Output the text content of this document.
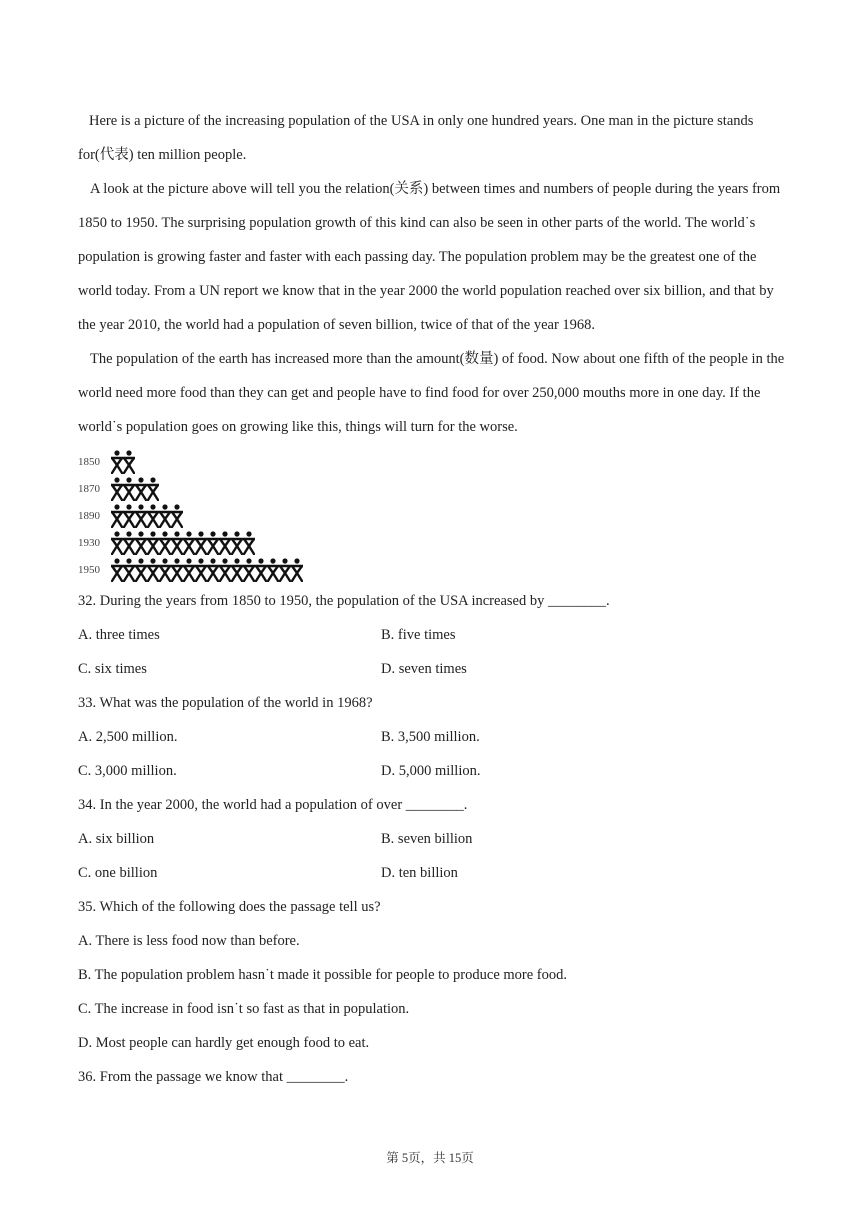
Here is a picture of the increasing population of the USA in only one hundred years. One man in the picture stands for(代表) ten million people.

A look at the picture above will tell you the relation(关系) between times and numbers of people during the years from 1850 to 1950. The surprising population growth of this kind can also be seen in other parts of the world. The world˙s population is growing faster and faster with each passing day. The population problem may be the greatest one of the world today. From a UN report we know that in the year 2000 the world population reached over six billion, and that by the year 2010, the world had a population of seven billion, twice of that of the year 1968.

The population of the earth has increased more than the amount(数量) of food. Now about one fifth of the people in the world need more food than they can get and people have to find food for over 250,000 mouths more in one day. If the world˙s population goes on growing like this, things will turn for the worse.

1850
1870
1890
1930
1950

32. During the years from 1850 to 1950, the population of the USA increased by ________.

A. three times	B. five times
C. six times	D. seven times

33. What was the population of the world in 1968?

A. 2,500 million.	B. 3,500 million.
C. 3,000 million.	D. 5,000 million.

34. In the year 2000, the world had a population of over ________.

A. six billion	B. seven billion
C. one billion	D. ten billion

35. Which of the following does the passage tell us?

A. There is less food now than before.
B. The population problem hasn˙t made it possible for people to produce more food.
C. The increase in food isn˙t so fast as that in population.
D. Most people can hardly get enough food to eat.

36. From the passage we know that ________.

第 5页，共 15页
